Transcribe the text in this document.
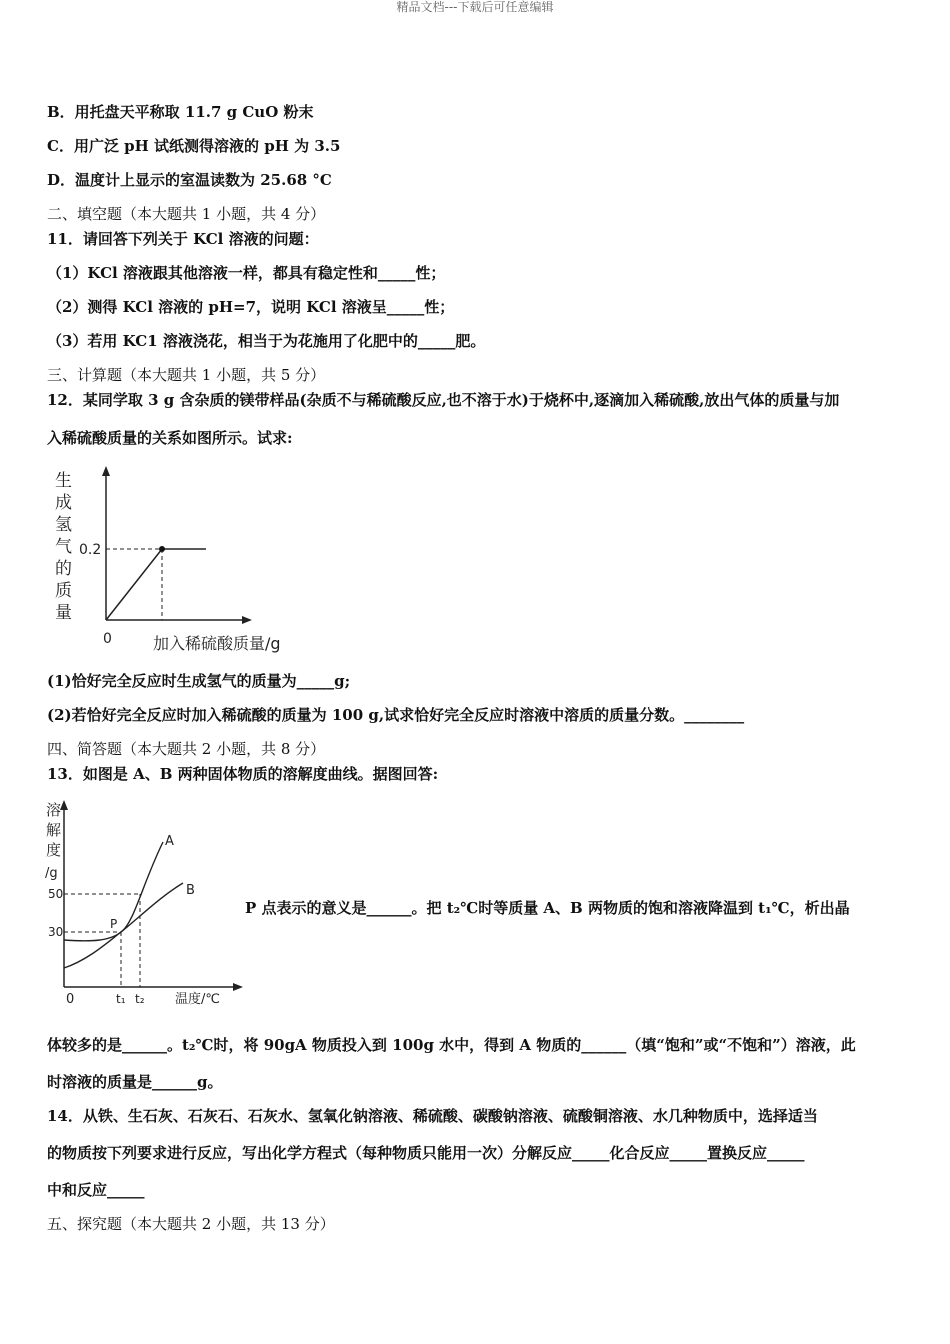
精品文档---下载后可任意编辑
B．用托盘天平称取 11.7 g CuO 粉末
C．用广泛 pH 试纸测得溶液的 pH 为 3.5
D．温度计上显示的室温读数为 25.68 °C
二、填空题（本大题共 1 小题，共 4 分）
11．请回答下列关于 KCl 溶液的问题：
（1）KCl 溶液跟其他溶液一样，都具有稳定性和_____性；
（2）测得 KCl 溶液的 pH=7，说明 KCl 溶液呈_____性；
（3）若用 KC1 溶液浇花，相当于为花施用了化肥中的_____肥。
三、计算题（本大题共 1 小题，共 5 分）
12．某同学取 3 g 含杂质的镁带样品(杂质不与稀硫酸反应,也不溶于水)于烧杯中,逐滴加入稀硫酸,放出气体的质量与加
入稀硫酸质量的关系如图所示。试求:
生
成
氢
气
的
质
量
0.2
0	加入稀硫酸质量/g
(1)恰好完全反应时生成氢气的质量为_____g;
(2)若恰好完全反应时加入稀硫酸的质量为 100 g,试求恰好完全反应时溶液中溶质的质量分数。________
四、简答题（本大题共 2 小题，共 8 分）
13．如图是 A、B 两种固体物质的溶解度曲线。据图回答:
溶
解
度
/g
50
30
A
B
P
0	t₁ t₂ 温度/℃
P 点表示的意义是______。把 t₂℃时等质量 A、B 两物质的饱和溶液降温到 t₁℃，析出晶
体较多的是______。t₂℃时，将 90gA 物质投入到 100g 水中，得到 A 物质的______（填“饱和”或“不饱和”）溶液，此
时溶液的质量是______g。
14．从铁、生石灰、石灰石、石灰水、氢氧化钠溶液、稀硫酸、碳酸钠溶液、硫酸铜溶液、水几种物质中，选择适当
的物质按下列要求进行反应，写出化学方程式（每种物质只能用一次）分解反应_____化合反应_____置换反应_____
中和反应_____
五、探究题（本大题共 2 小题，共 13 分）
